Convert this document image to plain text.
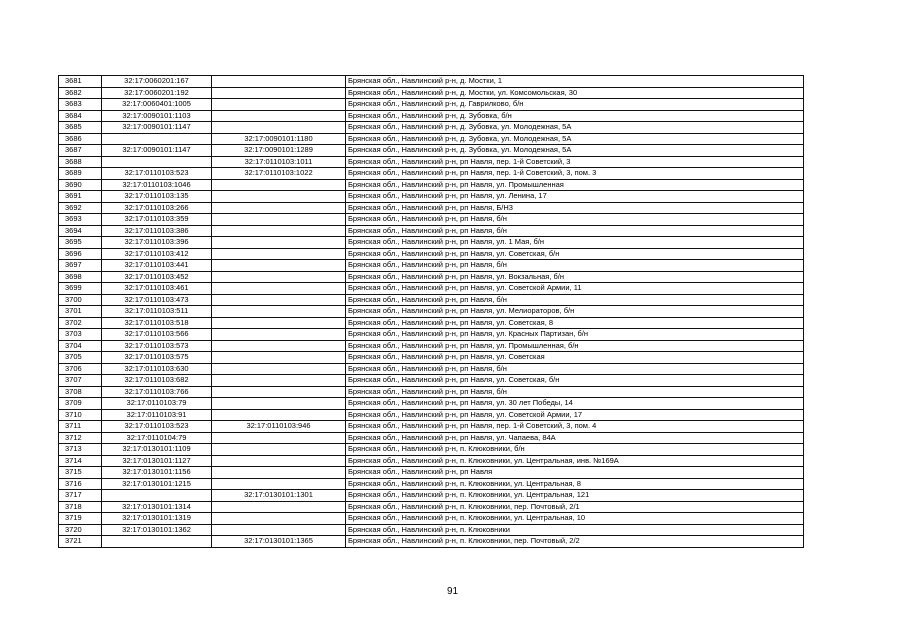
3681	32:17:0060201:167		Брянская обл., Навлинский р-н, д. Мостки, 1
3682	32:17:0060201:192		Брянская обл., Навлинский р-н, д. Мостки, ул. Комсомольская, 30
3683	32:17:0060401:1005		Брянская обл., Навлинский р-н, д. Гаврилково, б/н
3684	32:17:0090101:1103		Брянская обл., Навлинский р-н, д. Зубовка, б/н
3685	32:17:0090101:1147		Брянская обл., Навлинский р-н, д. Зубовка, ул. Молодежная, 5А
3686		32:17:0090101:1180	Брянская обл., Навлинский р-н, д. Зубовка, ул. Молодежная, 5А
3687	32:17:0090101:1147	32:17:0090101:1289	Брянская обл., Навлинский р-н, д. Зубовка, ул. Молодежная, 5А
3688		32:17:0110103:1011	Брянская обл., Навлинский р-н, рп Навля, пер. 1-й Советский, 3
3689	32:17:0110103:523	32:17:0110103:1022	Брянская обл., Навлинский р-н, рп Навля, пер. 1-й Советский, 3, пом. 3
3690	32:17:0110103:1046		Брянская обл., Навлинский р-н, рп Навля, ул. Промышленная
3691	32:17:0110103:135		Брянская обл., Навлинский р-н, рп Навля, ул. Ленина, 17
3692	32:17:0110103:266		Брянская обл., Навлинский р-н, рп Навля, Б/Н3
3693	32:17:0110103:359		Брянская обл., Навлинский р-н, рп Навля, б/н
3694	32:17:0110103:386		Брянская обл., Навлинский р-н, рп Навля, б/н
3695	32:17:0110103:396		Брянская обл., Навлинский р-н, рп Навля, ул. 1 Мая, б/н
3696	32:17:0110103:412		Брянская обл., Навлинский р-н, рп Навля, ул. Советская, б/н
3697	32:17:0110103:441		Брянская обл., Навлинский р-н, рп Навля, б/н
3698	32:17:0110103:452		Брянская обл., Навлинский р-н, рп Навля, ул. Вокзальная, б/н
3699	32:17:0110103:461		Брянская обл., Навлинский р-н, рп Навля, ул. Советской Армии, 11
3700	32:17:0110103:473		Брянская обл., Навлинский р-н, рп Навля, б/н
3701	32:17:0110103:511		Брянская обл., Навлинский р-н, рп Навля, ул. Мелиораторов, б/н
3702	32:17:0110103:518		Брянская обл., Навлинский р-н, рп Навля, ул. Советская, 8
3703	32:17:0110103:566		Брянская обл., Навлинский р-н, рп Навля, ул. Красных Партизан, б/н
3704	32:17:0110103:573		Брянская обл., Навлинский р-н, рп Навля, ул. Промышленная, б/н
3705	32:17:0110103:575		Брянская обл., Навлинский р-н, рп Навля, ул. Советская
3706	32:17:0110103:630		Брянская обл., Навлинский р-н, рп Навля, б/н
3707	32:17:0110103:682		Брянская обл., Навлинский р-н, рп Навля, ул. Советская, б/н
3708	32:17:0110103:766		Брянская обл., Навлинский р-н, рп Навля, б/н
3709	32:17:0110103:79		Брянская обл., Навлинский р-н, рп Навля, ул. 30 лет Победы, 14
3710	32:17:0110103:91		Брянская обл., Навлинский р-н, рп Навля, ул. Советской Армии, 17
3711	32:17:0110103:523	32:17:0110103:946	Брянская обл., Навлинский р-н, рп Навля, пер. 1-й Советский, 3, пом. 4
3712	32:17:0110104:79		Брянская обл., Навлинский р-н, рп Навля, ул. Чапаева, 84А
3713	32:17:0130101:1109		Брянская обл., Навлинский р-н, п. Клюковники, б/н
3714	32:17:0130101:1127		Брянская обл., Навлинский р-н, п. Клюковники, ул. Центральная, инв. №169А
3715	32:17:0130101:1156		Брянская обл., Навлинский р-н, рп Навля
3716	32:17:0130101:1215		Брянская обл., Навлинский р-н, п. Клюковники, ул. Центральная, 8
3717		32:17:0130101:1301	Брянская обл., Навлинский р-н, п. Клюковники, ул. Центральная, 121
3718	32:17:0130101:1314		Брянская обл., Навлинский р-н, п. Клюковники, пер. Почтовый, 2/1
3719	32:17:0130101:1319		Брянская обл., Навлинский р-н, п. Клюковники, ул. Центральная, 10
3720	32:17:0130101:1362		Брянская обл., Навлинский р-н, п. Клюковники
3721		32:17:0130101:1365	Брянская обл., Навлинский р-н, п. Клюковники, пер. Почтовый, 2/2
91
